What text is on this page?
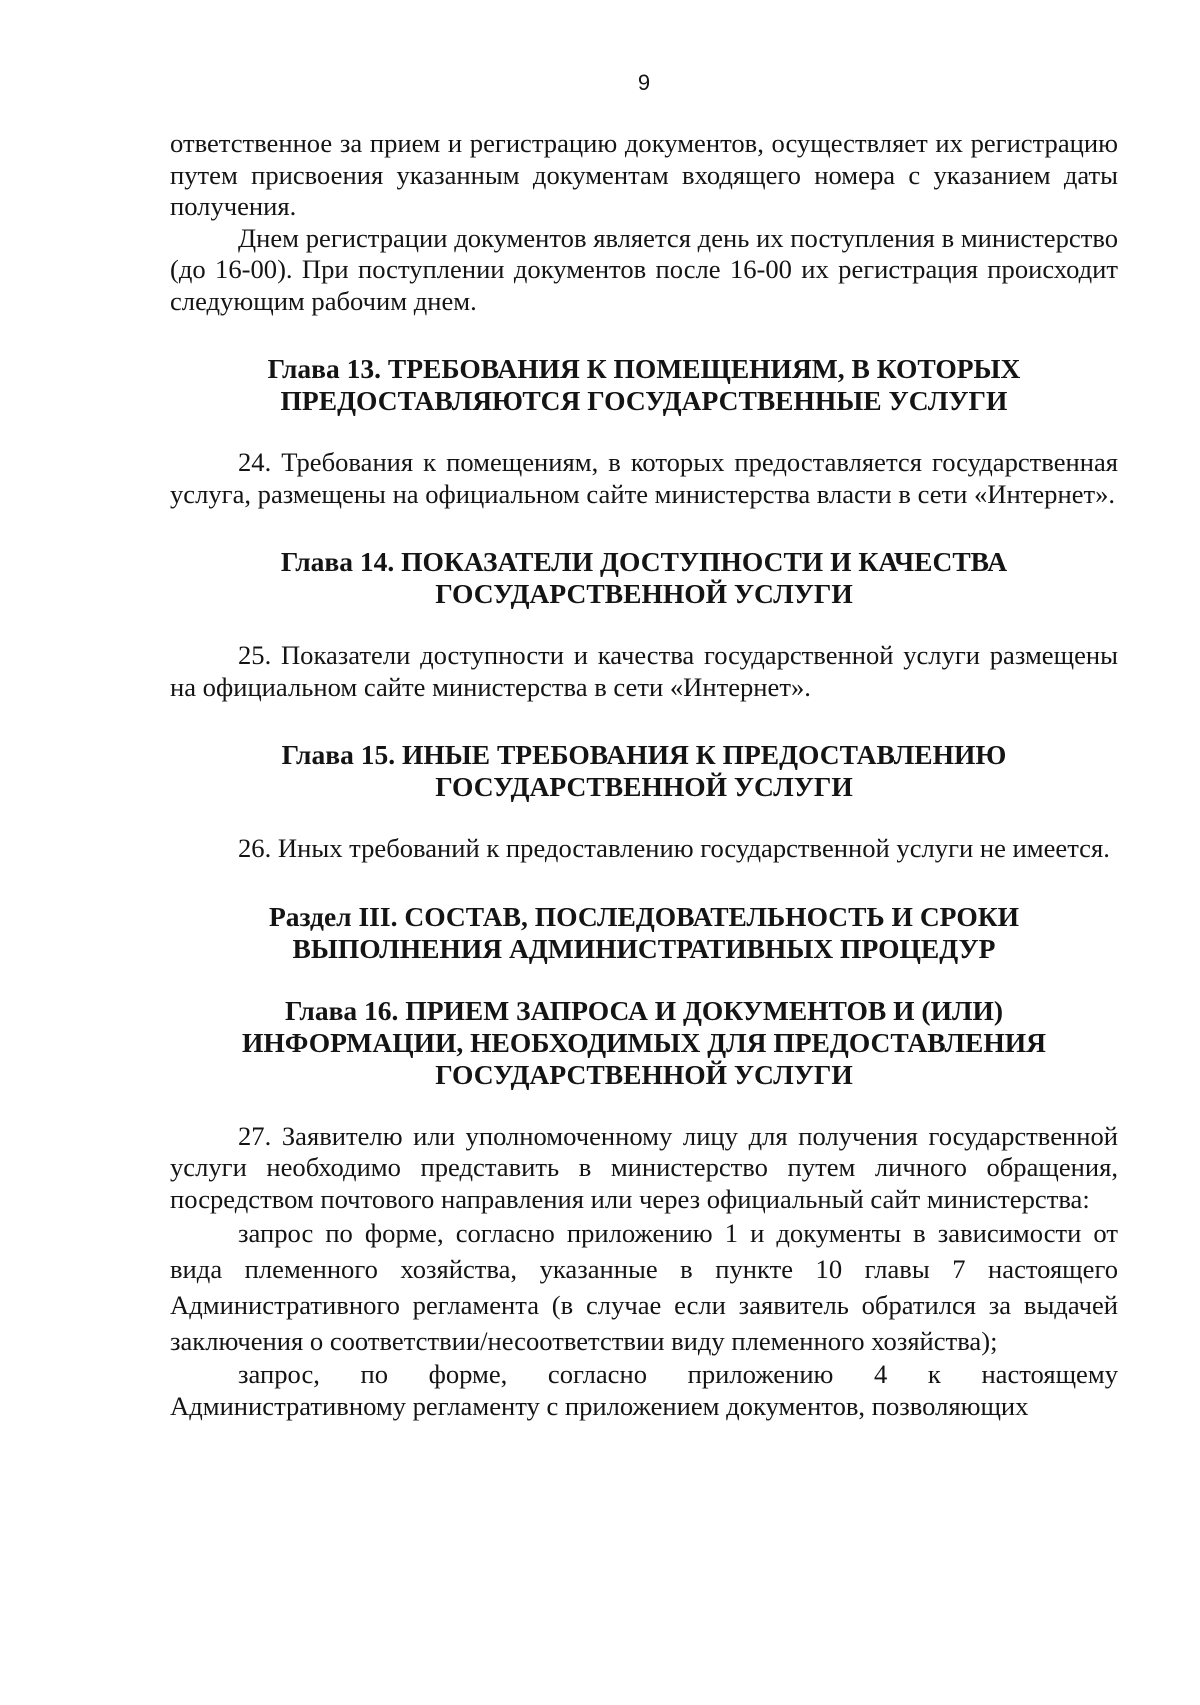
9

ответственное за прием и регистрацию документов, осуществляет их регистрацию путем присвоения указанным документам входящего номера с указанием даты получения.

Днем регистрации документов является день их поступления в министерство (до 16-00). При поступлении документов после 16-00 их регистрация происходит следующим рабочим днем.

Глава 13. ТРЕБОВАНИЯ К ПОМЕЩЕНИЯМ, В КОТОРЫХ
ПРЕДОСТАВЛЯЮТСЯ ГОСУДАРСТВЕННЫЕ УСЛУГИ

24. Требования к помещениям, в которых предоставляется государственная услуга, размещены на официальном сайте министерства власти в сети «Интернет».

Глава 14. ПОКАЗАТЕЛИ ДОСТУПНОСТИ И КАЧЕСТВА
ГОСУДАРСТВЕННОЙ УСЛУГИ

25. Показатели доступности и качества государственной услуги размещены на официальном сайте министерства в сети «Интернет».

Глава 15. ИНЫЕ ТРЕБОВАНИЯ К ПРЕДОСТАВЛЕНИЮ
ГОСУДАРСТВЕННОЙ УСЛУГИ

26. Иных требований к предоставлению государственной услуги не имеется.

Раздел III. СОСТАВ, ПОСЛЕДОВАТЕЛЬНОСТЬ И СРОКИ
ВЫПОЛНЕНИЯ АДМИНИСТРАТИВНЫХ ПРОЦЕДУР
Глава 16. ПРИЕМ ЗАПРОСА И ДОКУМЕНТОВ И (ИЛИ)
ИНФОРМАЦИИ, НЕОБХОДИМЫХ ДЛЯ ПРЕДОСТАВЛЕНИЯ
ГОСУДАРСТВЕННОЙ УСЛУГИ

27. Заявителю или уполномоченному лицу для получения государственной услуги необходимо представить в министерство путем личного обращения, посредством почтового направления или через официальный сайт министерства:

запрос по форме, согласно приложению 1 и документы в зависимости от вида племенного хозяйства, указанные в пункте 10 главы 7 настоящего Административного регламента (в случае если заявитель обратился за выдачей заключения о соответствии/несоответствии виду племенного хозяйства);

запрос, по форме, согласно приложению 4 к настоящему Административному регламенту с приложением документов, позволяющих
